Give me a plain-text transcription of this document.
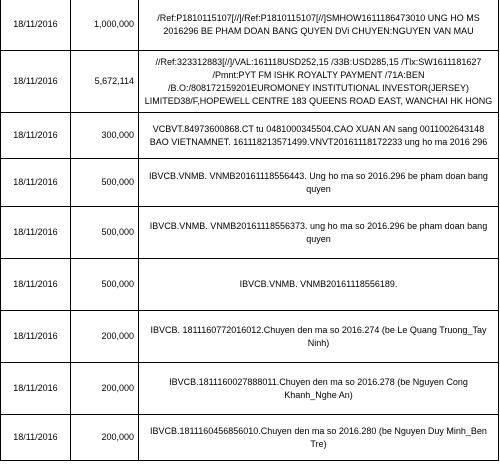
18/11/2016	1,000,000	/Ref:P1810115107[//]/Ref:P1810115107[//]SMHOW1611186473010 UNG HO MS 2016296 BE PHAM DOAN BANG QUYEN DVi CHUYEN:NGUYEN VAN MAU
18/11/2016	5,672,114	//Ref:323312883[//]/VAL:161118USD252,15 /33B:USD285,15 /Tlx:SW1611181627 /Pmnt:PYT FM ISHK ROYALTY PAYMENT /71A:BEN /B.O:/808172159201EUROMONEY INSTITUTIONAL INVESTOR(JERSEY) LIMITED38/F,HOPEWELL CENTRE 183 QUEENS ROAD EAST, WANCHAI HK HONG
18/11/2016	300,000	VCBVT.84973600868.CT tu 0481000345504.CAO XUAN AN sang 0011002643148 BAO VIETNAMNET. 161118213571499.VNVT20161118172233 ung ho ma 2016 296
18/11/2016	500,000	IBVCB.VNMB. VNMB20161118556443. Ung ho ma so 2016.296 be pham doan bang quyen
18/11/2016	500,000	IBVCB.VNMB. VNMB20161118556373. ung ho ma so 2016.296 be pham doan bang quyen
18/11/2016	500,000	IBVCB.VNMB. VNMB20161118556189.
18/11/2016	200,000	IBVCB. 1811160772016012.Chuyen den ma so 2016.274 (be Le Quang Truong_Tay Ninh)
18/11/2016	200,000	IBVCB.1811160027888011.Chuyen den ma so 2016.278 (be Nguyen Cong Khanh_Nghe An)
18/11/2016	200,000	IBVCB.1811160456856010.Chuyen den ma so 2016.280 (be Nguyen Duy Minh_Ben Tre)
